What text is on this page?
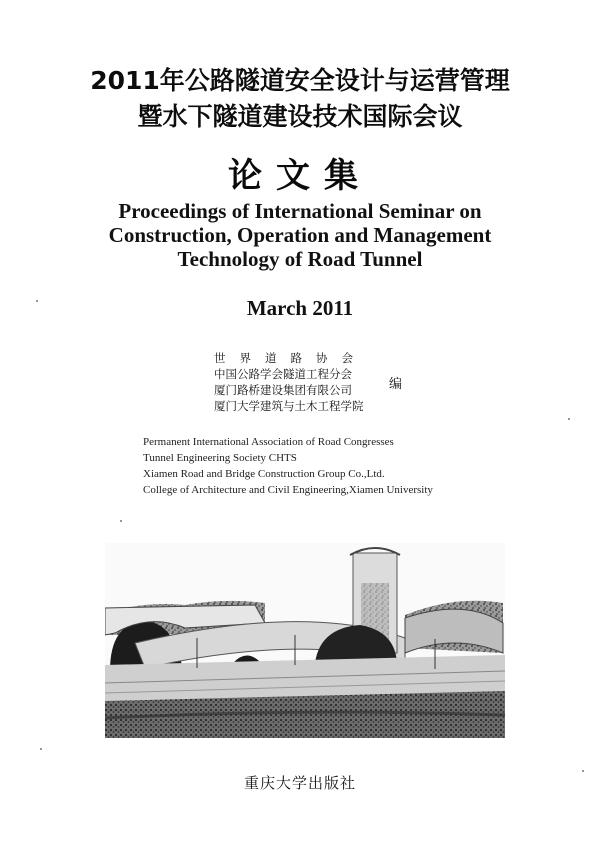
2011年公路隧道安全设计与运营管理
暨水下隧道建设技术国际会议
论文集
Proceedings of International Seminar on
Construction, Operation and Management
Technology of Road Tunnel
March 2011
世界道路协会
中国公路学会隧道工程分会
厦门路桥建设集团有限公司
厦门大学建筑与土木工程学院
编
Permanent International Association of Road Congresses
Tunnel Engineering Society CHTS
Xiamen Road and Bridge Construction Group Co.,Ltd.
College of Architecture and Civil Engineering,Xiamen University
重庆大学出版社
